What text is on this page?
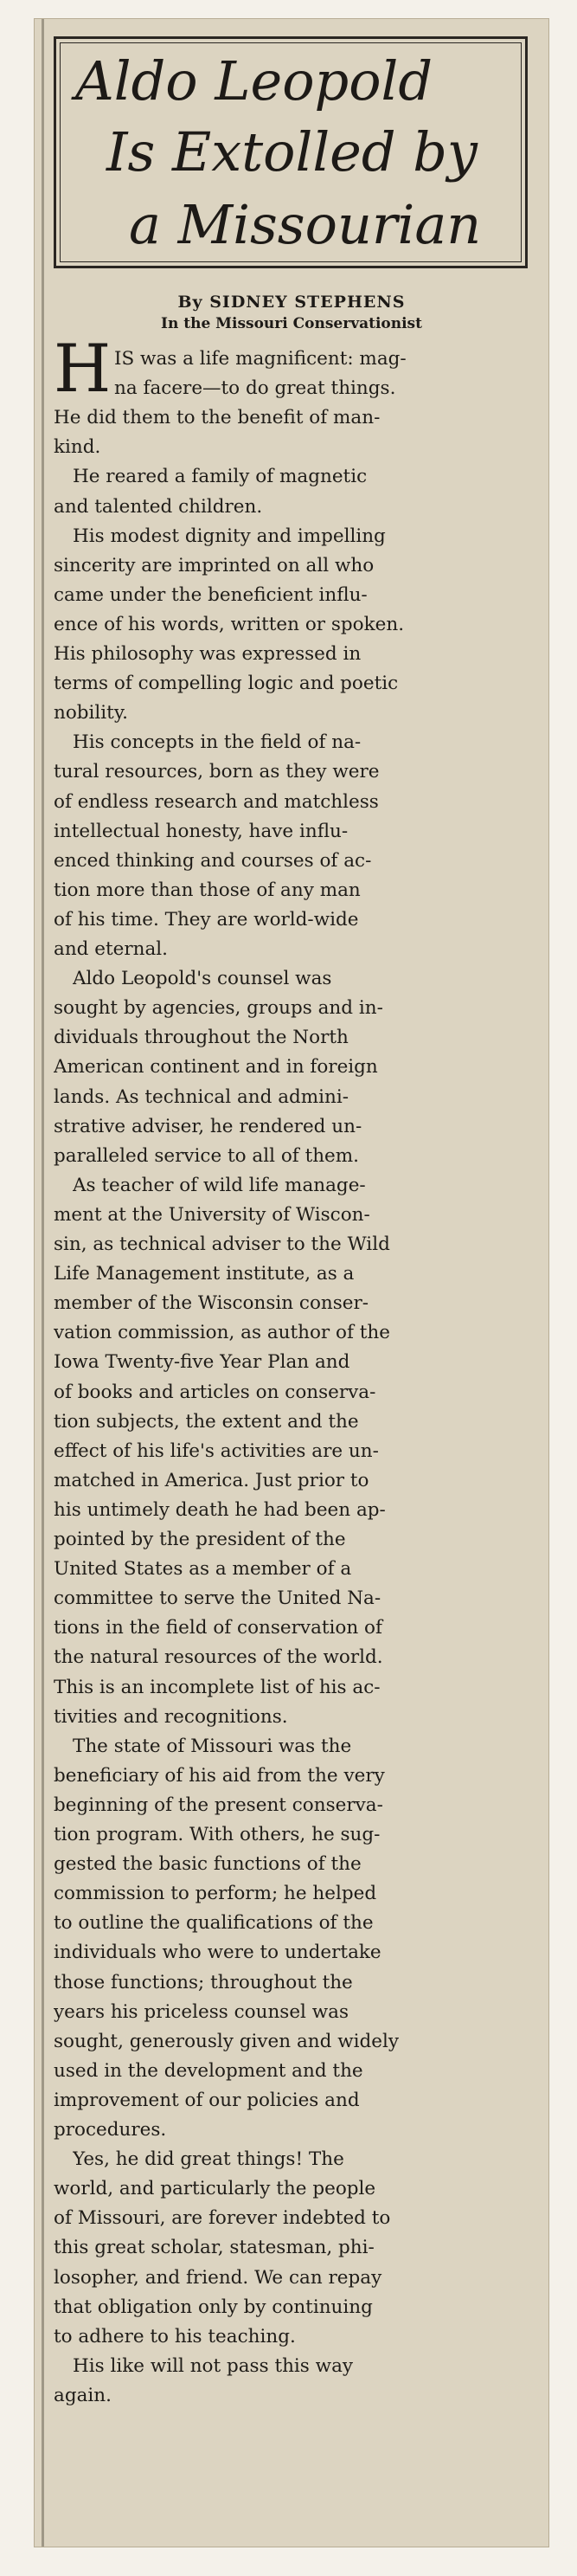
Aldo Leopold
Is Extolled by
a Missourian
By SIDNEY STEPHENS
In the Missouri Conservationist
H IS was a life magnificent: mag-
na facere—to do great things.
He did them to the benefit of man-
kind.
He reared a family of magnetic
and talented children.
His modest dignity and impelling
sincerity are imprinted on all who
came under the beneficient influ-
ence of his words, written or spoken.
His philosophy was expressed in
terms of compelling logic and poetic
nobility.
His concepts in the field of na-
tural resources, born as they were
of endless research and matchless
intellectual honesty, have influ-
enced thinking and courses of ac-
tion more than those of any man
of his time. They are world-wide
and eternal.
Aldo Leopold's counsel was
sought by agencies, groups and in-
dividuals throughout the North
American continent and in foreign
lands. As technical and admini-
strative adviser, he rendered un-
paralleled service to all of them.
As teacher of wild life manage-
ment at the University of Wiscon-
sin, as technical adviser to the Wild
Life Management institute, as a
member of the Wisconsin conser-
vation commission, as author of the
Iowa Twenty-five Year Plan and
of books and articles on conserva-
tion subjects, the extent and the
effect of his life's activities are un-
matched in America. Just prior to
his untimely death he had been ap-
pointed by the president of the
United States as a member of a
committee to serve the United Na-
tions in the field of conservation of
the natural resources of the world.
This is an incomplete list of his ac-
tivities and recognitions.
The state of Missouri was the
beneficiary of his aid from the very
beginning of the present conserva-
tion program. With others, he sug-
gested the basic functions of the
commission to perform; he helped
to outline the qualifications of the
individuals who were to undertake
those functions; throughout the
years his priceless counsel was
sought, generously given and widely
used in the development and the
improvement of our policies and
procedures.
Yes, he did great things! The
world, and particularly the people
of Missouri, are forever indebted to
this great scholar, statesman, phi-
losopher, and friend. We can repay
that obligation only by continuing
to adhere to his teaching.
His like will not pass this way
again.
